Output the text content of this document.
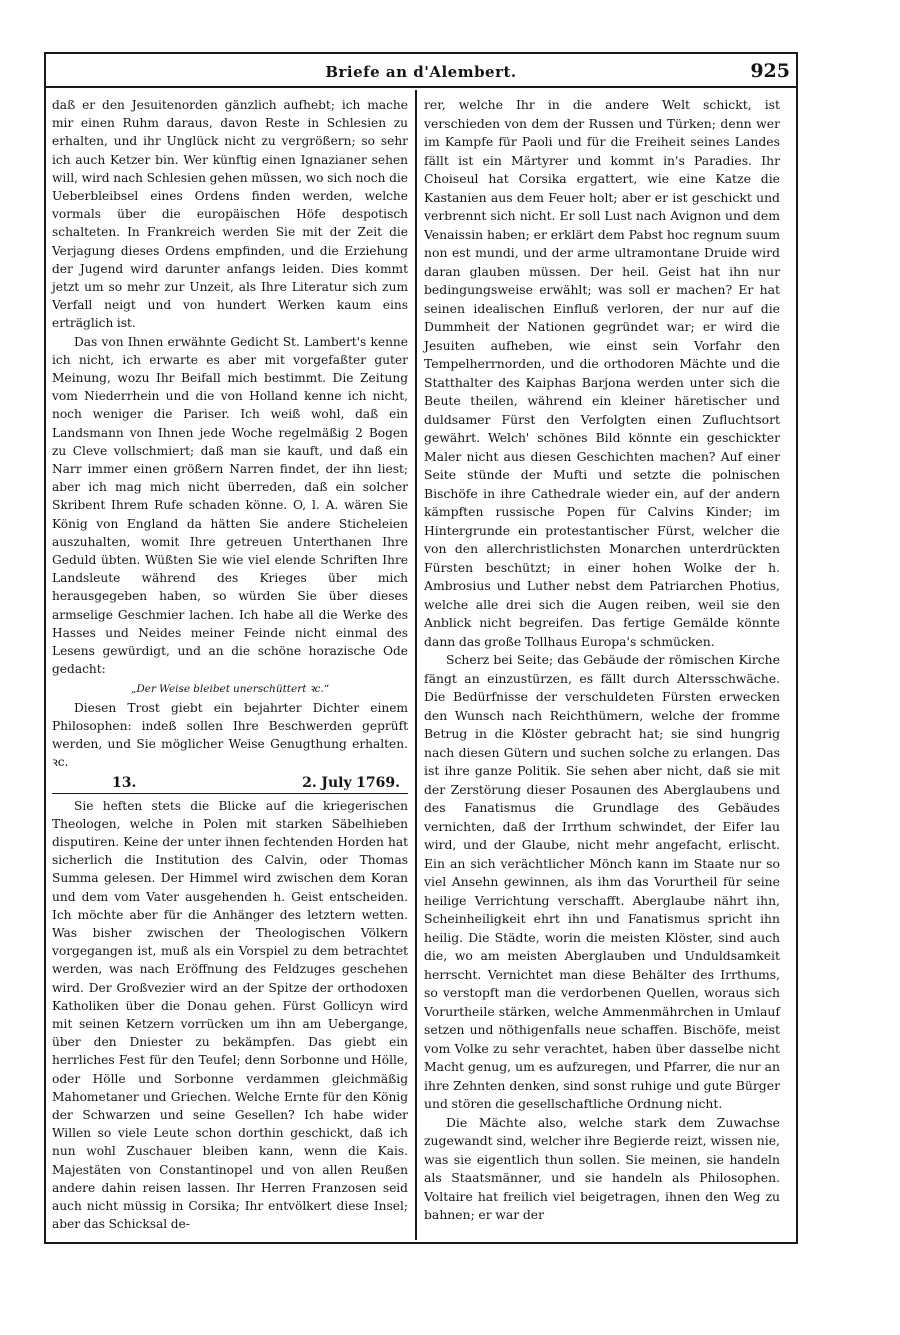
Briefe an d'Alembert.	925

daß er den Jesuitenorden gänzlich aufhebt; ich mache mir einen Ruhm daraus, davon Reste in Schlesien zu erhalten, und ihr Unglück nicht zu vergrößern; so sehr ich auch Ketzer bin. Wer künftig einen Ignazianer sehen will, wird nach Schlesien gehen müssen, wo sich noch die Ueberbleibsel eines Ordens finden werden, welche vormals über die europäischen Höfe despotisch schalteten. In Frankreich werden Sie mit der Zeit die Verjagung dieses Ordens empfinden, und die Erziehung der Jugend wird darunter anfangs leiden. Dies kommt jetzt um so mehr zur Unzeit, als Ihre Literatur sich zum Verfall neigt und von hundert Werken kaum eins erträglich ist.

Das von Ihnen erwähnte Gedicht St. Lambert's kenne ich nicht, ich erwarte es aber mit vorgefaßter guter Meinung, wozu Ihr Beifall mich bestimmt. Die Zeitung vom Niederrhein und die von Holland kenne ich nicht, noch weniger die Pariser. Ich weiß wohl, daß ein Landsmann von Ihnen jede Woche regelmäßig 2 Bogen zu Cleve vollschmiert; daß man sie kauft, und daß ein Narr immer einen größern Narren findet, der ihn liest; aber ich mag mich nicht überreden, daß ein solcher Skribent Ihrem Rufe schaden könne. O, l. A. wären Sie König von England da hätten Sie andere Sticheleien auszuhalten, womit Ihre getreuen Unterthanen Ihre Geduld übten. Wüßten Sie wie viel elende Schriften Ihre Landsleute während des Krieges über mich herausgegeben haben, so würden Sie über dieses armselige Geschmier lachen. Ich habe all die Werke des Hasses und Neides meiner Feinde nicht einmal des Lesens gewürdigt, und an die schöne horazische Ode gedacht:

„Der Weise bleibet unerschüttert ꝛc.“

Diesen Trost giebt ein bejahrter Dichter einem Philosophen: indeß sollen Ihre Beschwerden geprüft werden, und Sie möglicher Weise Genugthung erhalten. ꝛc.

13.	2. July 1769.

Sie heften stets die Blicke auf die kriegerischen Theologen, welche in Polen mit starken Säbelhieben disputiren. Keine der unter ihnen fechtenden Horden hat sicherlich die Institution des Calvin, oder Thomas Summa gelesen. Der Himmel wird zwischen dem Koran und dem vom Vater ausgehenden h. Geist entscheiden. Ich möchte aber für die Anhänger des letztern wetten. Was bisher zwischen der Theologischen Völkern vorgegangen ist, muß als ein Vorspiel zu dem betrachtet werden, was nach Eröffnung des Feldzuges geschehen wird. Der Großvezier wird an der Spitze der orthodoxen Katholiken über die Donau gehen. Fürst Gollicyn wird mit seinen Ketzern vorrücken um ihn am Uebergange, über den Dniester zu bekämpfen. Das giebt ein herrliches Fest für den Teufel; denn Sorbonne und Hölle, oder Hölle und Sorbonne verdammen gleichmäßig Mahometaner und Griechen. Welche Ernte für den König der Schwarzen und seine Gesellen? Ich habe wider Willen so viele Leute schon dorthin geschickt, daß ich nun wohl Zuschauer bleiben kann, wenn die Kais. Majestäten von Constantinopel und von allen Reußen andere dahin reisen lassen. Ihr Herren Franzosen seid auch nicht müssig in Corsika; Ihr entvölkert diese Insel; aber das Schicksal de-

rer, welche Ihr in die andere Welt schickt, ist verschieden von dem der Russen und Türken; denn wer im Kampfe für Paoli und für die Freiheit seines Landes fällt ist ein Märtyrer und kommt in's Paradies. Ihr Choiseul hat Corsika ergattert, wie eine Katze die Kastanien aus dem Feuer holt; aber er ist geschickt und verbrennt sich nicht. Er soll Lust nach Avignon und dem Venaissin haben; er erklärt dem Pabst hoc regnum suum non est mundi, und der arme ultramontane Druide wird daran glauben müssen. Der heil. Geist hat ihn nur bedingungsweise erwählt; was soll er machen? Er hat seinen idealischen Einfluß verloren, der nur auf die Dummheit der Nationen gegründet war; er wird die Jesuiten aufheben, wie einst sein Vorfahr den Tempelherrnorden, und die orthodoren Mächte und die Statthalter des Kaiphas Barjona werden unter sich die Beute theilen, während ein kleiner häretischer und duldsamer Fürst den Verfolgten einen Zufluchtsort gewährt. Welch' schönes Bild könnte ein geschickter Maler nicht aus diesen Geschichten machen? Auf einer Seite stünde der Mufti und setzte die polnischen Bischöfe in ihre Cathedrale wieder ein, auf der andern kämpften russische Popen für Calvins Kinder; im Hintergrunde ein protestantischer Fürst, welcher die von den allerchristlichsten Monarchen unterdrückten Fürsten beschützt; in einer hohen Wolke der h. Ambrosius und Luther nebst dem Patriarchen Photius, welche alle drei sich die Augen reiben, weil sie den Anblick nicht begreifen. Das fertige Gemälde könnte dann das große Tollhaus Europa's schmücken.

Scherz bei Seite; das Gebäude der römischen Kirche fängt an einzustürzen, es fällt durch Altersschwäche. Die Bedürfnisse der verschuldeten Fürsten erwecken den Wunsch nach Reichthümern, welche der fromme Betrug in die Klöster gebracht hat; sie sind hungrig nach diesen Gütern und suchen solche zu erlangen. Das ist ihre ganze Politik. Sie sehen aber nicht, daß sie mit der Zerstörung dieser Posaunen des Aberglaubens und des Fanatismus die Grundlage des Gebäudes vernichten, daß der Irrthum schwindet, der Eifer lau wird, und der Glaube, nicht mehr angefacht, erlischt. Ein an sich verächtlicher Mönch kann im Staate nur so viel Ansehn gewinnen, als ihm das Vorurtheil für seine heilige Verrichtung verschafft. Aberglaube nährt ihn, Scheinheiligkeit ehrt ihn und Fanatismus spricht ihn heilig. Die Städte, worin die meisten Klöster, sind auch die, wo am meisten Aberglauben und Unduldsamkeit herrscht. Vernichtet man diese Behälter des Irrthums, so verstopft man die verdorbenen Quellen, woraus sich Vorurtheile stärken, welche Ammenmährchen in Umlauf setzen und nöthigenfalls neue schaffen. Bischöfe, meist vom Volke zu sehr verachtet, haben über dasselbe nicht Macht genug, um es aufzuregen, und Pfarrer, die nur an ihre Zehnten denken, sind sonst ruhige und gute Bürger und stören die gesellschaftliche Ordnung nicht.

Die Mächte also, welche stark dem Zuwachse zugewandt sind, welcher ihre Begierde reizt, wissen nie, was sie eigentlich thun sollen. Sie meinen, sie handeln als Staatsmänner, und sie handeln als Philosophen. Voltaire hat freilich viel beigetragen, ihnen den Weg zu bahnen; er war der
